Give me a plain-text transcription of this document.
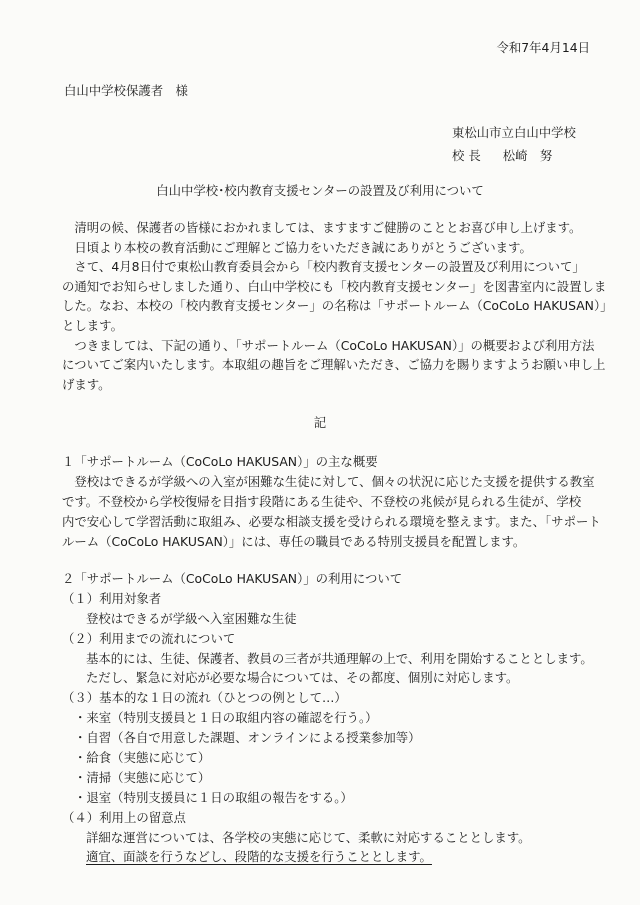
令和7年4月14日
白山中学校保護者　様
東松山市立白山中学校
校 長 松崎　努
白山中学校･校内教育支援センターの設置及び利用について
　清明の候、保護者の皆様におかれましては、ますますご健勝のこととお喜び申し上げます。
　日頃より本校の教育活動にご理解とご協力をいただき誠にありがとうございます。
　さて、4月8日付で東松山教育委員会から「校内教育支援センターの設置及び利用について」
の通知でお知らせしました通り、白山中学校にも「校内教育支援センター」を図書室内に設置しま
した。なお、本校の「校内教育支援センター」の名称は「サポートルーム（CoCoLo HAKUSAN）」
とします。
　つきましては、下記の通り、「サポートルーム（CoCoLo HAKUSAN）」の概要および利用方法
についてご案内いたします。本取組の趣旨をご理解いただき、ご協力を賜りますようお願い申し上
げます。
記
１「サポートルーム（CoCoLo HAKUSAN）」の主な概要
　登校はできるが学級への入室が困難な生徒に対して、個々の状況に応じた支援を提供する教室
です。不登校から学校復帰を目指す段階にある生徒や、不登校の兆候が見られる生徒が、学校
内で安心して学習活動に取組み、必要な相談支援を受けられる環境を整えます。また、「サポート
ルーム（CoCoLo HAKUSAN）」には、専任の職員である特別支援員を配置します。
２「サポートルーム（CoCoLo HAKUSAN）」の利用について
（１）利用対象者
登校はできるが学級へ入室困難な生徒
（２）利用までの流れについて
基本的には、生徒、保護者、教員の三者が共通理解の上で、利用を開始することとします。
ただし、緊急に対応が必要な場合については、その都度、個別に対応します。
（３）基本的な１日の流れ（ひとつの例として…）
・来室（特別支援員と１日の取組内容の確認を行う。）
・自習（各自で用意した課題、オンラインによる授業参加等）
・給食（実態に応じて）
・清掃（実態に応じて）
・退室（特別支援員に１日の取組の報告をする。）
（４）利用上の留意点
詳細な運営については、各学校の実態に応じて、柔軟に対応することとします。
適宜、面談を行うなどし、段階的な支援を行うこととします。
